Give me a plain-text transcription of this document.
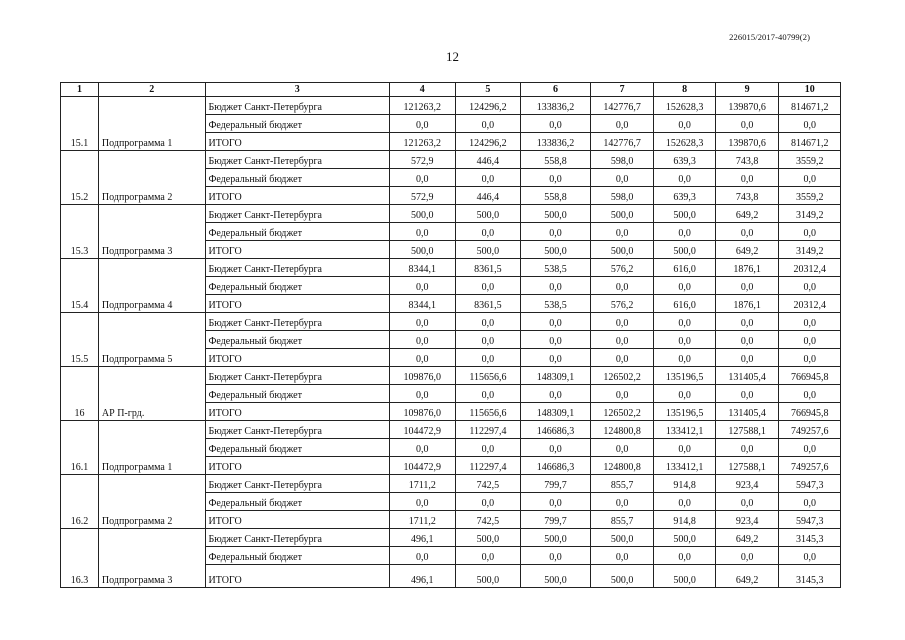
226015/2017-40799(2)
12
1	2	3	4	5	6	7	8	9	10
15.1	Подпрограмма 1	Бюджет Санкт-Петербурга	121263,2	124296,2	133836,2	142776,7	152628,3	139870,6	814671,2
		Федеральный бюджет	0,0	0,0	0,0	0,0	0,0	0,0	0,0
		ИТОГО	121263,2	124296,2	133836,2	142776,7	152628,3	139870,6	814671,2
15.2	Подпрограмма 2	Бюджет Санкт-Петербурга	572,9	446,4	558,8	598,0	639,3	743,8	3559,2
		Федеральный бюджет	0,0	0,0	0,0	0,0	0,0	0,0	0,0
		ИТОГО	572,9	446,4	558,8	598,0	639,3	743,8	3559,2
15.3	Подпрограмма 3	Бюджет Санкт-Петербурга	500,0	500,0	500,0	500,0	500,0	649,2	3149,2
		Федеральный бюджет	0,0	0,0	0,0	0,0	0,0	0,0	0,0
		ИТОГО	500,0	500,0	500,0	500,0	500,0	649,2	3149,2
15.4	Подпрограмма 4	Бюджет Санкт-Петербурга	8344,1	8361,5	538,5	576,2	616,0	1876,1	20312,4
		Федеральный бюджет	0,0	0,0	0,0	0,0	0,0	0,0	0,0
		ИТОГО	8344,1	8361,5	538,5	576,2	616,0	1876,1	20312,4
15.5	Подпрограмма 5	Бюджет Санкт-Петербурга	0,0	0,0	0,0	0,0	0,0	0,0	0,0
		Федеральный бюджет	0,0	0,0	0,0	0,0	0,0	0,0	0,0
		ИТОГО	0,0	0,0	0,0	0,0	0,0	0,0	0,0
16	АР П-грд.	Бюджет Санкт-Петербурга	109876,0	115656,6	148309,1	126502,2	135196,5	131405,4	766945,8
		Федеральный бюджет	0,0	0,0	0,0	0,0	0,0	0,0	0,0
		ИТОГО	109876,0	115656,6	148309,1	126502,2	135196,5	131405,4	766945,8
16.1	Подпрограмма 1	Бюджет Санкт-Петербурга	104472,9	112297,4	146686,3	124800,8	133412,1	127588,1	749257,6
		Федеральный бюджет	0,0	0,0	0,0	0,0	0,0	0,0	0,0
		ИТОГО	104472,9	112297,4	146686,3	124800,8	133412,1	127588,1	749257,6
16.2	Подпрограмма 2	Бюджет Санкт-Петербурга	1711,2	742,5	799,7	855,7	914,8	923,4	5947,3
		Федеральный бюджет	0,0	0,0	0,0	0,0	0,0	0,0	0,0
		ИТОГО	1711,2	742,5	799,7	855,7	914,8	923,4	5947,3
16.3	Подпрограмма 3	Бюджет Санкт-Петербурга	496,1	500,0	500,0	500,0	500,0	649,2	3145,3
		Федеральный бюджет	0,0	0,0	0,0	0,0	0,0	0,0	0,0
		ИТОГО	496,1	500,0	500,0	500,0	500,0	649,2	3145,3
